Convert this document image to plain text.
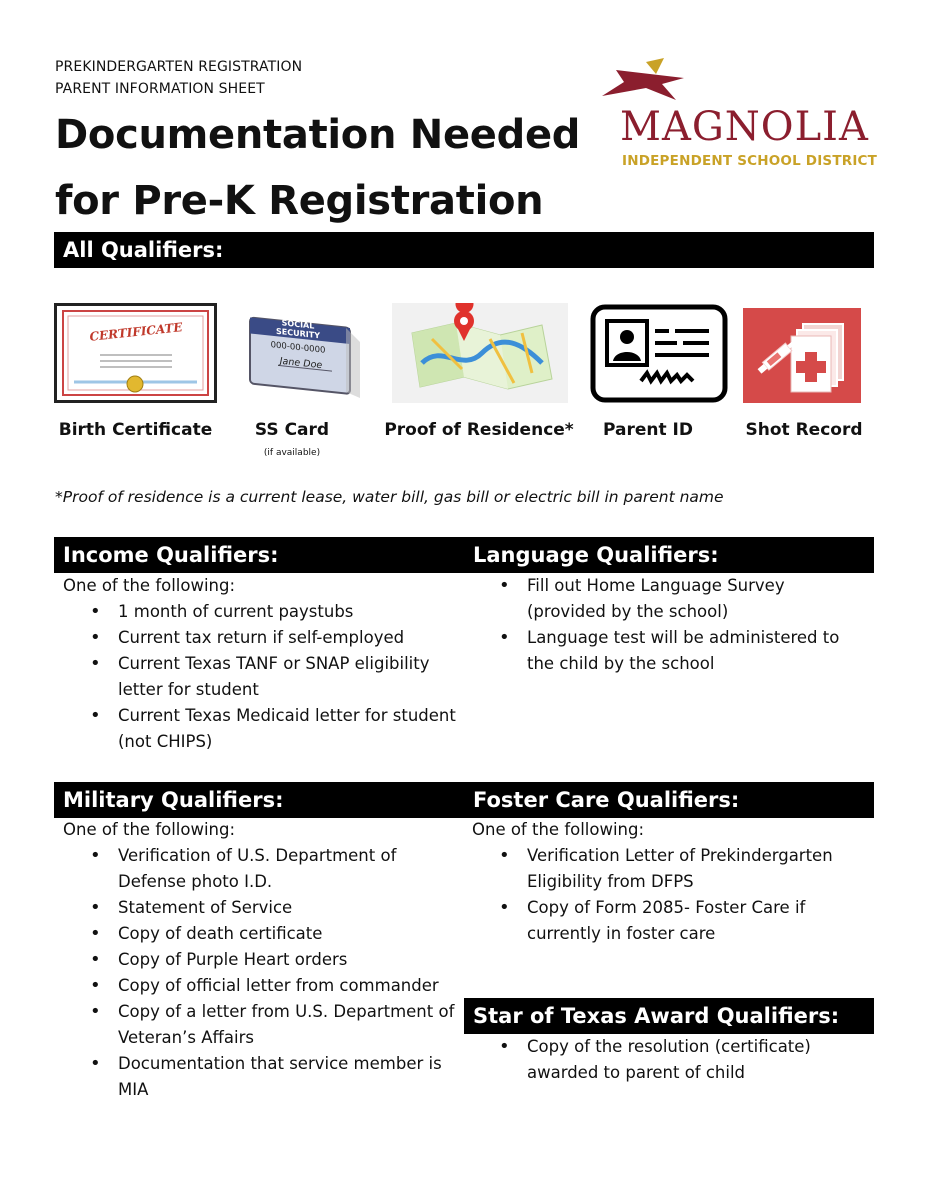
PREKINDERGARTEN REGISTRATION
PARENT INFORMATION SHEET
Documentation Needed
for Pre-K Registration
MAGNOLIA
INDEPENDENT SCHOOL DISTRICT
All Qualifiers:
CERTIFICATE
Birth Certificate
SOCIAL SECURITY
000-00-0000
Jane Doe
SS Card
(if available)
Proof of Residence*	Parent ID	Shot Record
*Proof of residence is a current lease, water bill, gas bill or electric bill in parent name
Income Qualifiers:
One of the following:
• 1 month of current paystubs
• Current tax return if self-employed
• Current Texas TANF or SNAP eligibility letter for student
• Current Texas Medicaid letter for student (not CHIPS)
Language Qualifiers:
• Fill out Home Language Survey (provided by the school)
• Language test will be administered to the child by the school
Military Qualifiers:
One of the following:
• Verification of U.S. Department of Defense photo I.D.
• Statement of Service
• Copy of death certificate
• Copy of Purple Heart orders
• Copy of official letter from commander
• Copy of a letter from U.S. Department of Veteran’s Affairs
• Documentation that service member is MIA
Foster Care Qualifiers:
One of the following:
• Verification Letter of Prekindergarten Eligibility from DFPS
• Copy of Form 2085- Foster Care if currently in foster care
Star of Texas Award Qualifiers:
• Copy of the resolution (certificate) awarded to parent of child
